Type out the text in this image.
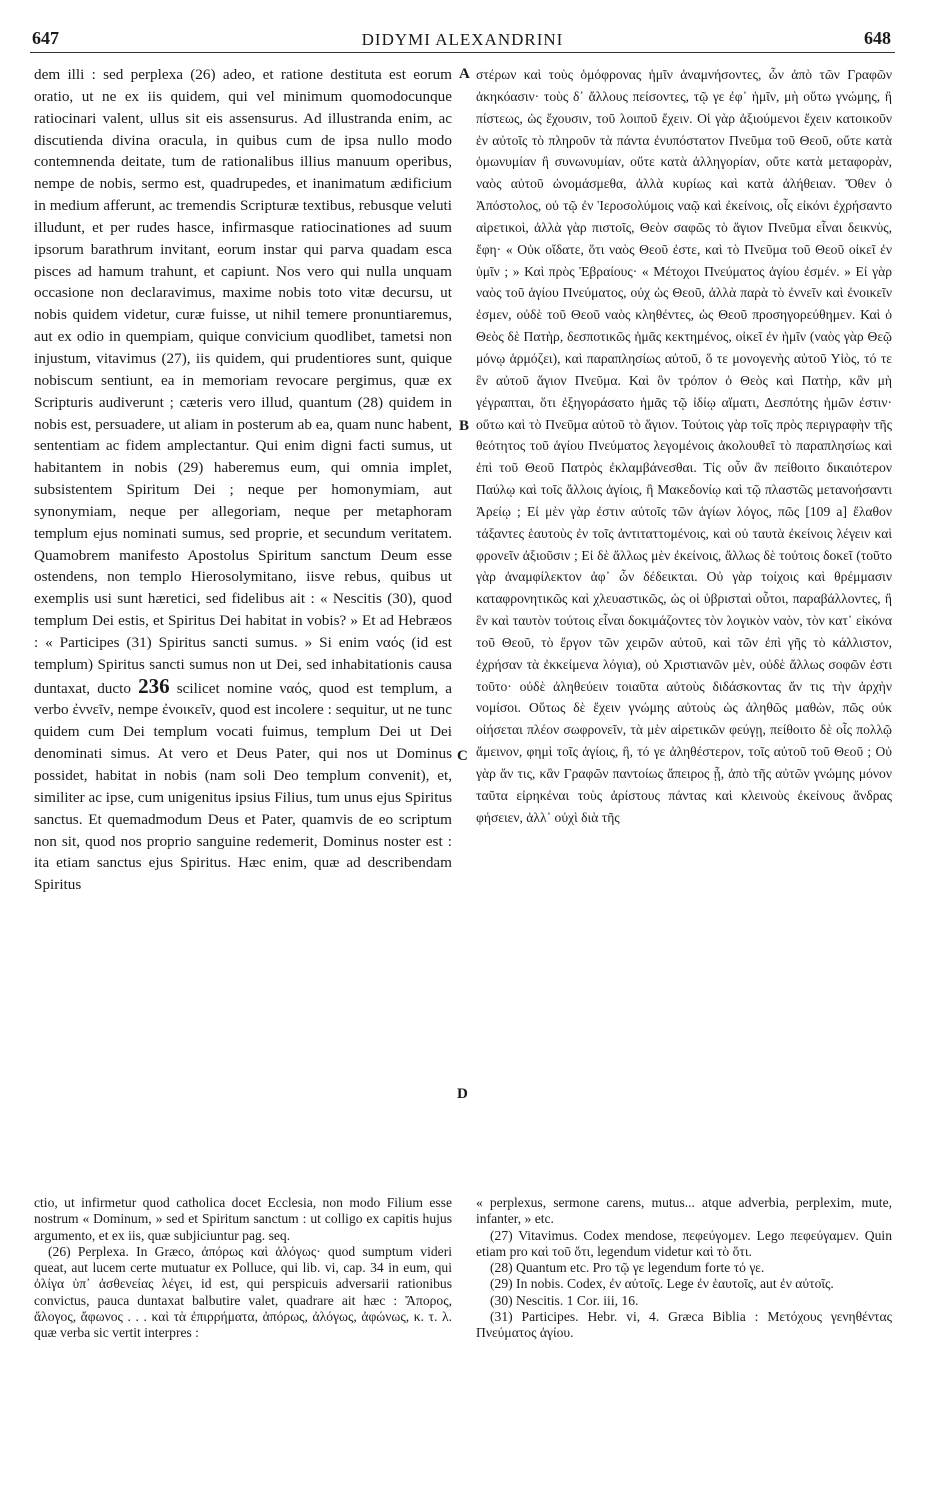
647	DIDYMI ALEXANDRINI	648
dem illi : sed perplexa (26) adeo, et ratione destituta est eorum oratio, ut ne ex iis quidem, qui vel minimum quomodocunque ratiocinari valent, ullus sit eis assensurus. Ad illustranda enim, ac discutienda divina oracula, in quibus cum de ipsa nullo modo contemnenda deitate, tum de rationalibus illius manuum operibus, nempe de nobis, sermo est, quadrupedes, et inanimatum ædificium in medium afferunt, ac tremendis Scripturæ textibus, rebusque veluti illudunt, et per rudes hasce, infirmasque ratiocinationes ad suum ipsorum barathrum invitant, eorum instar qui parva quadam esca pisces ad hamum trahunt, et capiunt. Nos vero qui nulla unquam occasione non declaravimus, maxime nobis toto vitæ decursu, ut nobis quidem videtur, curæ fuisse, ut nihil temere pronuntiaremus, aut ex odio in quempiam, quique convicium quodlibet, tametsi non injustum, vitavimus (27), iis quidem, qui prudentiores sunt, quique nobiscum sentiunt, ea in memoriam revocare pergimus, quæ ex Scripturis audiverunt ; cæteris vero illud, quantum (28) quidem in nobis est, persuadere, ut aliam in posterum ab ea, quam nunc habent, sententiam ac fidem amplectantur. Qui enim digni facti sumus, ut habitantem in nobis (29) haberemus eum, qui omnia implet, subsistentem Spiritum Dei ; neque per homonymiam, aut synonymiam, neque per allegoriam, neque per metaphoram templum ejus nominati sumus, sed proprie, et secundum veritatem. Quamobrem manifesto Apostolus Spiritum sanctum Deum esse ostendens, non templo Hierosolymitano, iisve rebus, quibus ut exemplis usi sunt hæretici, sed fidelibus ait : « Nescitis (30), quod templum Dei estis, et Spiritus Dei habitat in vobis? » Et ad Hebræos : « Participes (31) Spiritus sancti sumus. » Si enim ναός (id est templum) Spiritus sancti sumus non ut Dei, sed inhabitationis causa duntaxat, ducto 236 scilicet nomine ναός, quod est templum, a verbo ἐννεῖν, nempe ἐνοικεῖν, quod est incolere : sequitur, ut ne tunc quidem cum Dei templum vocati fuimus, templum Dei ut Dei denominati simus. At vero et Deus Pater, qui nos ut Dominus possidet, habitat in nobis (nam soli Deo templum convenit), et, similiter ac ipse, cum unigenitus ipsius Filius, tum unus ejus Spiritus sanctus. Et quemadmodum Deus et Pater, quamvis de eo scriptum non sit, quod nos proprio sanguine redemerit, Dominus noster est : ita etiam sanctus ejus Spiritus. Hæc enim, quæ ad describendam Spiritus
A
B
C
D
στέρων καὶ τοὺς ὁμόφρονας ἡμῖν ἀναμνήσοντες, ὧν ἀπὸ τῶν Γραφῶν ἀκηκόασιν· τοὺς δ᾽ ἄλλους πείσοντες, τῷ γε ἐφ᾽ ἡμῖν, μὴ οὕτω γνώμης, ἢ πίστεως, ὡς ἔχουσιν, τοῦ λοιποῦ ἔχειν. Οἱ γὰρ ἀξιούμενοι ἔχειν κατοικοῦν ἐν αὐτοῖς τὸ πληροῦν τὰ πάντα ἐνυπόστατον Πνεῦμα τοῦ Θεοῦ, οὔτε κατὰ ὁμωνυμίαν ἢ συνωνυμίαν, οὔτε κατὰ ἀλληγορίαν, οὔτε κατὰ μεταφορὰν, ναὸς αὐτοῦ ὠνομάσμεθα, ἀλλὰ κυρίως καὶ κατὰ ἀλήθειαν. Ὅθεν ὁ Ἀπόστολος, οὐ τῷ ἐν Ἱεροσολύμοις ναῷ καὶ ἐκείνοις, οἷς εἰκόνι ἐχρήσαντο αἱρετικοὶ, ἀλλὰ γὰρ πιστοῖς, Θεὸν σαφῶς τὸ ἅγιον Πνεῦμα εἶναι δεικνὺς, ἔφη· « Οὐκ οἴδατε, ὅτι ναὸς Θεοῦ ἐστε, καὶ τὸ Πνεῦμα τοῦ Θεοῦ οἰκεῖ ἐν ὑμῖν ; » Καὶ πρὸς Ἑβραίους· « Μέτοχοι Πνεύματος ἁγίου ἐσμέν. » Εἰ γὰρ ναὸς τοῦ ἁγίου Πνεύματος, οὐχ ὡς Θεοῦ, ἀλλὰ παρὰ τὸ ἐννεῖν καὶ ἐνοικεῖν ἐσμεν, οὐδὲ τοῦ Θεοῦ ναὸς κληθέντες, ὡς Θεοῦ προσηγορεύθημεν. Καὶ ὁ Θεὸς δὲ Πατὴρ, δεσποτικῶς ἡμᾶς κεκτημένος, οἰκεῖ ἐν ἡμῖν (ναὸς γὰρ Θεῷ μόνῳ ἁρμόζει), καὶ παραπλησίως αὐτοῦ, ὅ τε μονογενὴς αὐτοῦ Υἱὸς, τό τε ἓν αὐτοῦ ἅγιον Πνεῦμα. Καὶ ὃν τρόπον ὁ Θεὸς καὶ Πατὴρ, κἂν μὴ γέγραπται, ὅτι ἐξηγοράσατο ἡμᾶς τῷ ἰδίῳ αἵματι, Δεσπότης ἡμῶν ἐστιν· οὕτω καὶ τὸ Πνεῦμα αὐτοῦ τὸ ἅγιον. Τούτοις γὰρ τοῖς πρὸς περιγραφὴν τῆς θεότητος τοῦ ἁγίου Πνεύματος λεγομένοις ἀκολουθεῖ τὸ παραπλησίως καὶ ἐπὶ τοῦ Θεοῦ Πατρὸς ἐκλαμβάνεσθαι. Τίς οὖν ἂν πείθοιτο δικαιότερον Παύλῳ καὶ τοῖς ἄλλοις ἁγίοις, ἢ Μακεδονίῳ καὶ τῷ πλαστῶς μετανοήσαντι Ἀρείῳ ; Εἰ μὲν γὰρ ἐστιν αὐτοῖς τῶν ἁγίων λόγος, πῶς [109 a] ἔλαθον τάξαντες ἑαυτοὺς ἐν τοῖς ἀντιταττομένοις, καὶ οὐ ταυτὰ ἐκείνοις λέγειν καὶ φρονεῖν ἀξιοῦσιν ; Εἰ δὲ ἄλλως μὲν ἐκείνοις, ἄλλως δὲ τούτοις δοκεῖ (τοῦτο γὰρ ἀναμφίλεκτον ἀφ᾽ ὧν δέδεικται. Οὐ γὰρ τοίχοις καὶ θρέμμασιν καταφρονητικῶς καὶ χλευαστικῶς, ὡς οἱ ὑβρισταὶ οὗτοι, παραβάλλοντες, ἢ ἓν καὶ ταυτὸν τούτοις εἶναι δοκιμάζοντες τὸν λογικὸν ναὸν, τὸν κατ᾽ εἰκόνα τοῦ Θεοῦ, τὸ ἔργον τῶν χειρῶν αὐτοῦ, καὶ τῶν ἐπὶ γῆς τὸ κάλλιστον, ἐχρήσαν τὰ ἐκκείμενα λόγια), οὐ Χριστιανῶν μὲν, οὐδὲ ἄλλως σοφῶν ἐστι τοῦτο· οὐδὲ ἀληθεύειν τοιαῦτα αὐτοὺς διδάσκοντας ἄν τις τὴν ἀρχὴν νομίσοι. Οὕτως δὲ ἔχειν γνώμης αὐτοὺς ὡς ἀληθῶς μαθὼν, πῶς οὐκ οἰήσεται πλέον σωφρονεῖν, τὰ μὲν αἱρετικῶν φεύγῃ, πείθοιτο δὲ οἷς πολλῷ ἄμεινον, φημὶ τοῖς ἁγίοις, ἢ, τό γε ἀληθέστερον, τοῖς αὐτοῦ τοῦ Θεοῦ ; Οὐ γὰρ ἄν τις, κἂν Γραφῶν παντοίως ἄπειρος ᾖ, ἀπὸ τῆς αὐτῶν γνώμης μόνον ταῦτα εἰρηκέναι τοὺς ἀρίστους πάντας καὶ κλεινοὺς ἐκείνους ἄνδρας φήσειεν, ἀλλ᾽ οὐχὶ διὰ τῆς

ctio, ut infirmetur quod catholica docet Ecclesia, non modo Filium esse nostrum « Dominum, » sed et Spiritum sanctum : ut colligo ex capitis hujus argumento, et ex iis, quæ subjiciuntur pag. seq.

(26) Perplexa. In Græco, ἀπόρως καὶ ἀλόγως· quod sumptum videri queat, aut lucem certe mutuatur ex Polluce, qui lib. vi, cap. 34 in eum, qui ὀλίγα ὑπ᾽ ἀσθενείας λέγει, id est, qui perspicuis adversarii rationibus convictus, pauca duntaxat balbutire valet, quadrare ait hæc : Ἄπορος, ἄλογος, ἄφωνος . . . καὶ τὰ ἐπιρρήματα, ἀπόρως, ἀλόγως, ἀφώνως, κ. τ. λ. quæ verba sic vertit interpres :

« perplexus, sermone carens, mutus... atque adverbia, perplexim, mute, infanter, » etc.

(27) Vitavimus. Codex mendose, πεφεύγομεν. Lego πεφεύγαμεν. Quin etiam pro καὶ τοῦ ὅτι, legendum videtur καὶ τὸ ὅτι.

(28) Quantum etc. Pro τῷ γε legendum forte τό γε.

(29) In nobis. Codex, ἐν αὐτοῖς. Lege ἐν ἑαυτοῖς, aut ἐν αὐτοῖς.

(30) Nescitis. 1 Cor. iii, 16.

(31) Participes. Hebr. vi, 4. Græca Biblia : Μετόχους γενηθέντας Πνεύματος ἁγίου.
